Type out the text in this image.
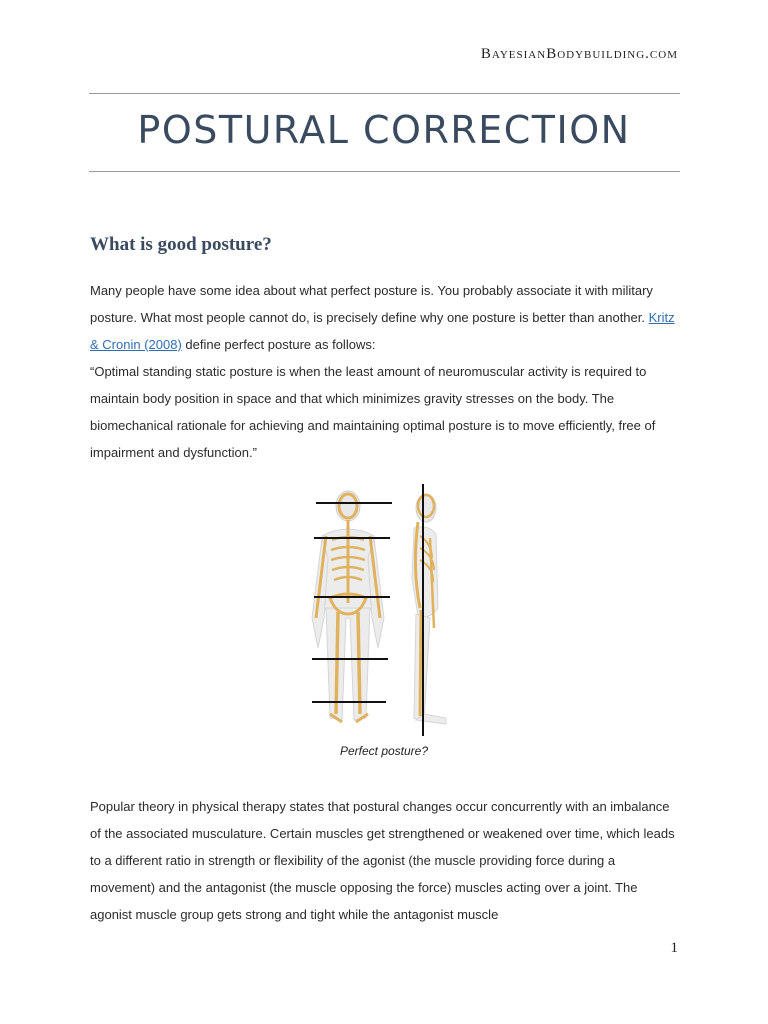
BayesianBodybuilding.com
POSTURAL CORRECTION
What is good posture?

Many people have some idea about what perfect posture is. You probably associate it with military posture. What most people cannot do, is precisely define why one posture is better than another. Kritz & Cronin (2008) define perfect posture as follows:

“Optimal standing static posture is when the least amount of neuromuscular activity is required to maintain body position in space and that which minimizes gravity stresses on the body. The biomechanical rationale for achieving and maintaining optimal posture is to move efficiently, free of impairment and dysfunction.”

Perfect posture?

Popular theory in physical therapy states that postural changes occur concurrently with an imbalance of the associated musculature. Certain muscles get strengthened or weakened over time, which leads to a different ratio in strength or flexibility of the agonist (the muscle providing force during a movement) and the antagonist (the muscle opposing the force) muscles acting over a joint. The agonist muscle group gets strong and tight while the antagonist muscle

1
